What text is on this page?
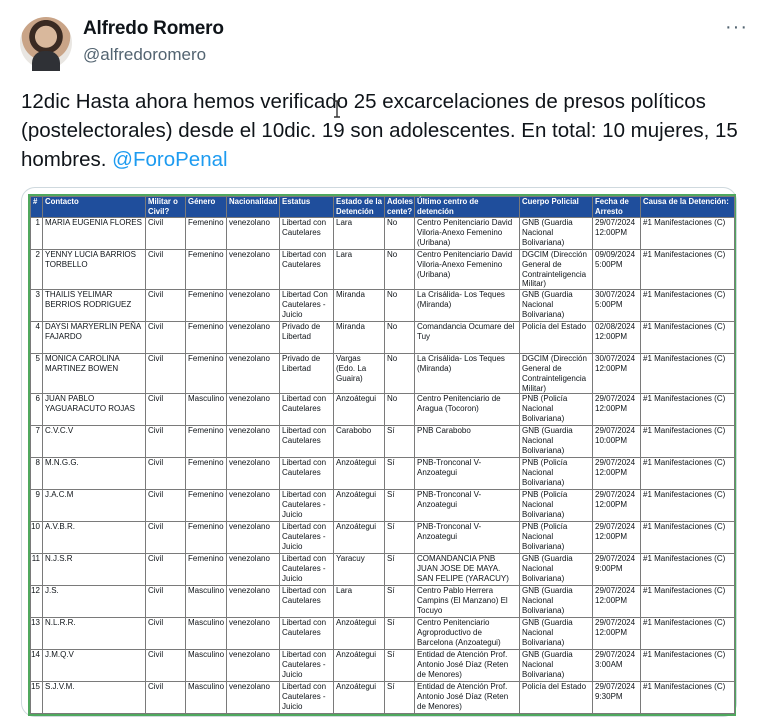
Alfredo Romero
@alfredoromero
···
12dic Hasta ahora hemos verificado 25 excarcelaciones de presos políticos (postelectorales) desde el 10dic. 19 son adolescentes. En total: 10 mujeres, 15 hombres. @ForoPenal
#	Contacto	Militar o Civil?	Género	Nacionalidad	Estatus	Estado de la Detención	Adoles cente?	Último centro de detención	Cuerpo Policial	Fecha de Arresto	Causa de la Detención:
1	MARIA EUGENIA FLORES	Civil	Femenino	venezolano	Libertad con Cautelares	Lara	No	Centro Penitenciario David Viloria-Anexo Femenino (Uribana)	GNB (Guardia Nacional Bolivariana)	29/07/2024 12:00PM	#1 Manifestaciones (C)
2	YENNY LUCIA BARRIOS TORBELLO	Civil	Femenino	venezolano	Libertad con Cautelares	Lara	No	Centro Penitenciario David Viloria-Anexo Femenino (Uribana)	DGCIM (Dirección General de Contrainteligencia Militar)	09/09/2024 5:00PM	#1 Manifestaciones (C)
3	THAILIS YELIMAR BERRIOS RODRIGUEZ	Civil	Femenino	venezolano	Libertad Con Cautelares - Juicio	Miranda	No	La Crisálida- Los Teques (Miranda)	GNB (Guardia Nacional Bolivariana)	30/07/2024 5:00PM	#1 Manifestaciones (C)
4	DAYSI MARYERLIN PEÑA FAJARDO	Civil	Femenino	venezolano	Privado de Libertad	Miranda	No	Comandancia Ocumare del Tuy	Policía del Estado	02/08/2024 12:00PM	#1 Manifestaciones (C)
5	MONICA CAROLINA MARTINEZ BOWEN	Civil	Femenino	venezolano	Privado de Libertad	Vargas (Edo. La Guaira)	No	La Crisálida- Los Teques (Miranda)	DGCIM (Dirección General de Contrainteligencia Militar)	30/07/2024 12:00PM	#1 Manifestaciones (C)
6	JUAN PABLO YAGUARACUTO ROJAS	Civil	Masculino	venezolano	Libertad con Cautelares	Anzoátegui	No	Centro Penitenciario de Aragua (Tocoron)	PNB (Policía Nacional Bolivariana)	29/07/2024 12:00PM	#1 Manifestaciones (C)
7	C.V.C.V	Civil	Femenino	venezolano	Libertad con Cautelares	Carabobo	Sí	PNB Carabobo	GNB (Guardia Nacional Bolivariana)	29/07/2024 10:00PM	#1 Manifestaciones (C)
8	M.N.G.G.	Civil	Femenino	venezolano	Libertad con Cautelares	Anzoátegui	Sí	PNB-Tronconal V-Anzoategui	PNB (Policía Nacional Bolivariana)	29/07/2024 12:00PM	#1 Manifestaciones (C)
9	J.A.C.M	Civil	Femenino	venezolano	Libertad con Cautelares - Juicio	Anzoátegui	Sí	PNB-Tronconal V-Anzoategui	PNB (Policía Nacional Bolivariana)	29/07/2024 12:00PM	#1 Manifestaciones (C)
10	A.V.B.R.	Civil	Femenino	venezolano	Libertad con Cautelares - Juicio	Anzoátegui	Sí	PNB-Tronconal V-Anzoategui	PNB (Policía Nacional Bolivariana)	29/07/2024 12:00PM	#1 Manifestaciones (C)
11	N.J.S.R	Civil	Femenino	venezolano	Libertad con Cautelares - Juicio	Yaracuy	Sí	COMANDANCIA PNB JUAN JOSE DE MAYA. SAN FELIPE (YARACUY)	GNB (Guardia Nacional Bolivariana)	29/07/2024 9:00PM	#1 Manifestaciones (C)
12	J.S.	Civil	Masculino	venezolano	Libertad con Cautelares	Lara	Sí	Centro Pablo Herrera Campins (El Manzano) El Tocuyo	GNB (Guardia Nacional Bolivariana)	29/07/2024 12:00PM	#1 Manifestaciones (C)
13	N.L.R.R.	Civil	Masculino	venezolano	Libertad con Cautelares	Anzoátegui	Sí	Centro Penitenciario Agroproductivo de Barcelona (Anzoategui)	GNB (Guardia Nacional Bolivariana)	29/07/2024 12:00PM	#1 Manifestaciones (C)
14	J.M.Q.V	Civil	Masculino	venezolano	Libertad con Cautelares - Juicio	Anzoátegui	Sí	Entidad de Atención Prof. Antonio José Díaz (Reten de Menores)	GNB (Guardia Nacional Bolivariana)	29/07/2024 3:00AM	#1 Manifestaciones (C)
15	S.J.V.M.	Civil	Masculino	venezolano	Libertad con Cautelares - Juicio	Anzoátegui	Sí	Entidad de Atención Prof. Antonio José Díaz (Reten de Menores)	Policía del Estado	29/07/2024 9:30PM	#1 Manifestaciones (C)
